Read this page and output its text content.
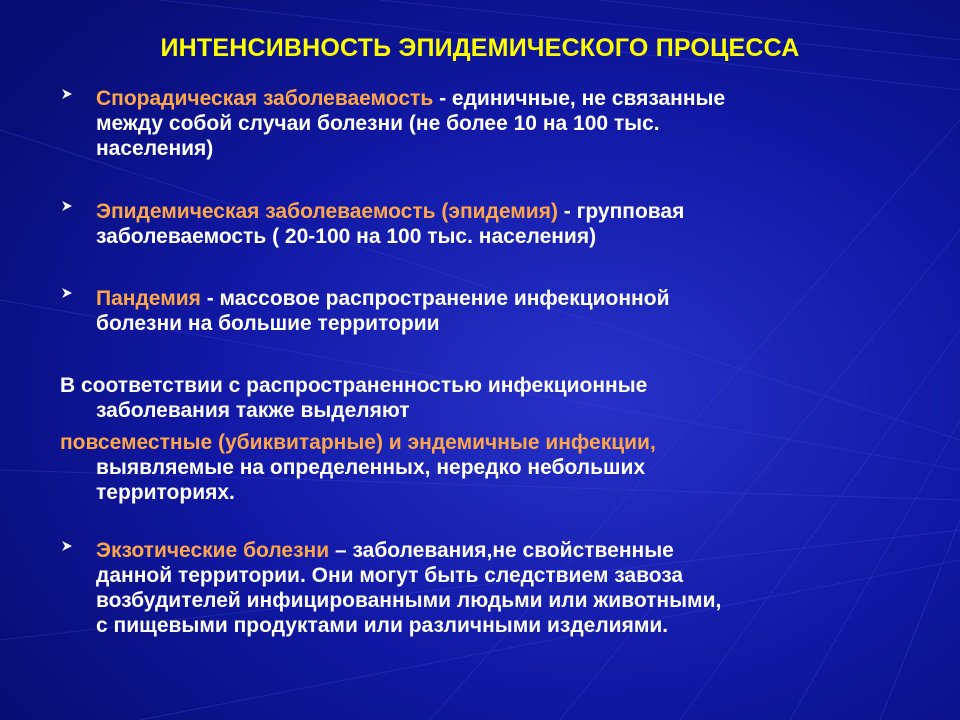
ИНТЕНСИВНОСТЬ ЭПИДЕМИЧЕСКОГО ПРОЦЕССА
Спорадическая заболеваемость - единичные, не связанные
между собой случаи болезни (не более 10 на 100 тыс.
населения)
Эпидемическая заболеваемость (эпидемия) - групповая
заболеваемость ( 20-100 на 100 тыс. населения)
Пандемия - массовое распространение инфекционной
болезни на большие территории
В соответствии с распространенностью инфекционные
заболевания также выделяют
повсеместные (убиквитарные) и эндемичные инфекции,
выявляемые на определенных, нередко небольших
территориях.
Экзотические болезни – заболевания,не свойственные
данной территории. Они могут быть следствием завоза
возбудителей инфицированными людьми или животными,
с пищевыми продуктами или различными изделиями.
